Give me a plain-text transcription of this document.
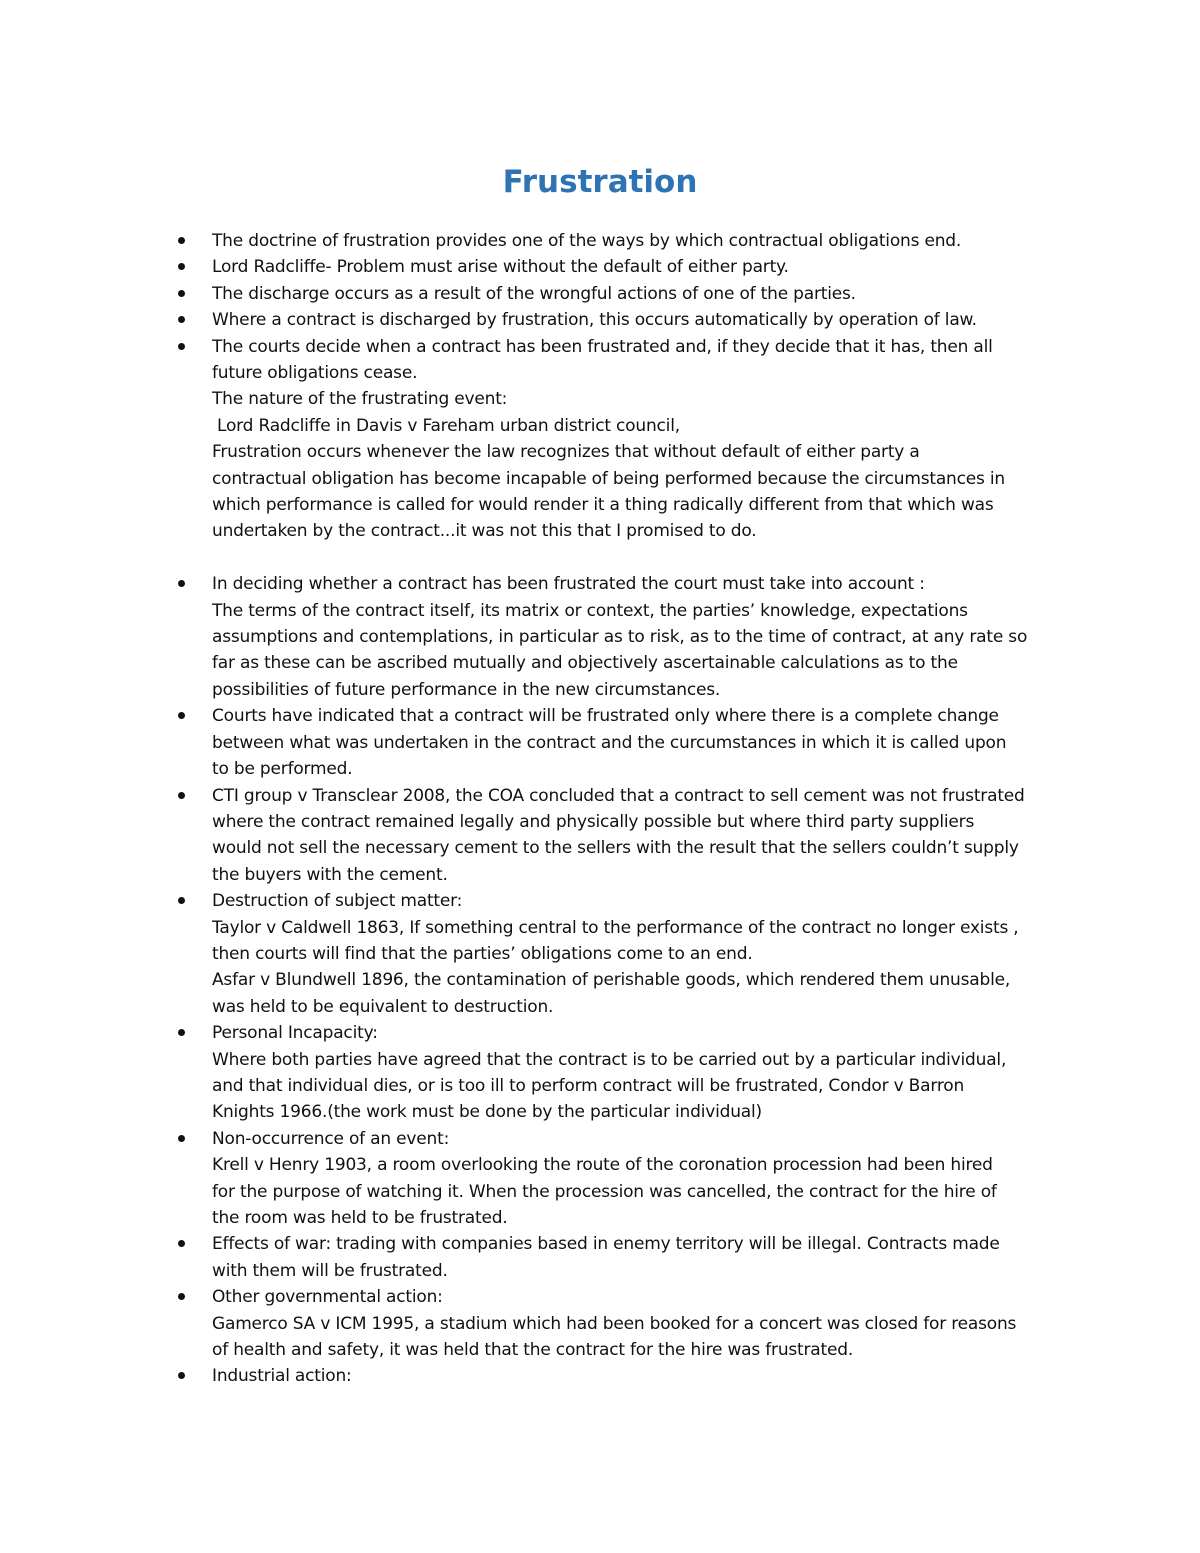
Frustration
The doctrine of frustration provides one of the ways by which contractual obligations end.
Lord Radcliffe- Problem must arise without the default of either party.
The discharge occurs as a result of the wrongful actions of one of the parties.
Where a contract is discharged by frustration, this occurs automatically by operation of law.
The courts decide when a contract has been frustrated and, if they decide that it has, then all
future obligations cease.
The nature of the frustrating event:
Lord Radcliffe in Davis v Fareham urban district council,
Frustration occurs whenever the law recognizes that without default of either party a
contractual obligation has become incapable of being performed because the circumstances in
which performance is called for would render it a thing radically different from that which was
undertaken by the contract...it was not this that I promised to do.
In deciding whether a contract has been frustrated the court must take into account :
The terms of the contract itself, its matrix or context, the parties’ knowledge, expectations
assumptions and contemplations, in particular as to risk, as to the time of contract, at any rate so
far as these can be ascribed mutually and objectively ascertainable calculations as to the
possibilities of future performance in the new circumstances.
Courts have indicated that a contract will be frustrated only where there is a complete change
between what was undertaken in the contract and the curcumstances in which it is called upon
to be performed.
CTI group v Transclear 2008, the COA concluded that a contract to sell cement was not frustrated
where the contract remained legally and physically possible but where third party suppliers
would not sell the necessary cement to the sellers with the result that the sellers couldn’t supply
the buyers with the cement.
Destruction of subject matter:
Taylor v Caldwell 1863, If something central to the performance of the contract no longer exists ,
then courts will find that the parties’ obligations come to an end.
Asfar v Blundwell 1896, the contamination of perishable goods, which rendered them unusable,
was held to be equivalent to destruction.
Personal Incapacity:
Where both parties have agreed that the contract is to be carried out by a particular individual,
and that individual dies, or is too ill to perform contract will be frustrated, Condor v Barron
Knights 1966.(the work must be done by the particular individual)
Non-occurrence of an event:
Krell v Henry 1903, a room overlooking the route of the coronation procession had been hired
for the purpose of watching it. When the procession was cancelled, the contract for the hire of
the room was held to be frustrated.
Effects of war: trading with companies based in enemy territory will be illegal. Contracts made
with them will be frustrated.
Other governmental action:
Gamerco SA v ICM 1995, a stadium which had been booked for a concert was closed for reasons
of health and safety, it was held that the contract for the hire was frustrated.
Industrial action:
